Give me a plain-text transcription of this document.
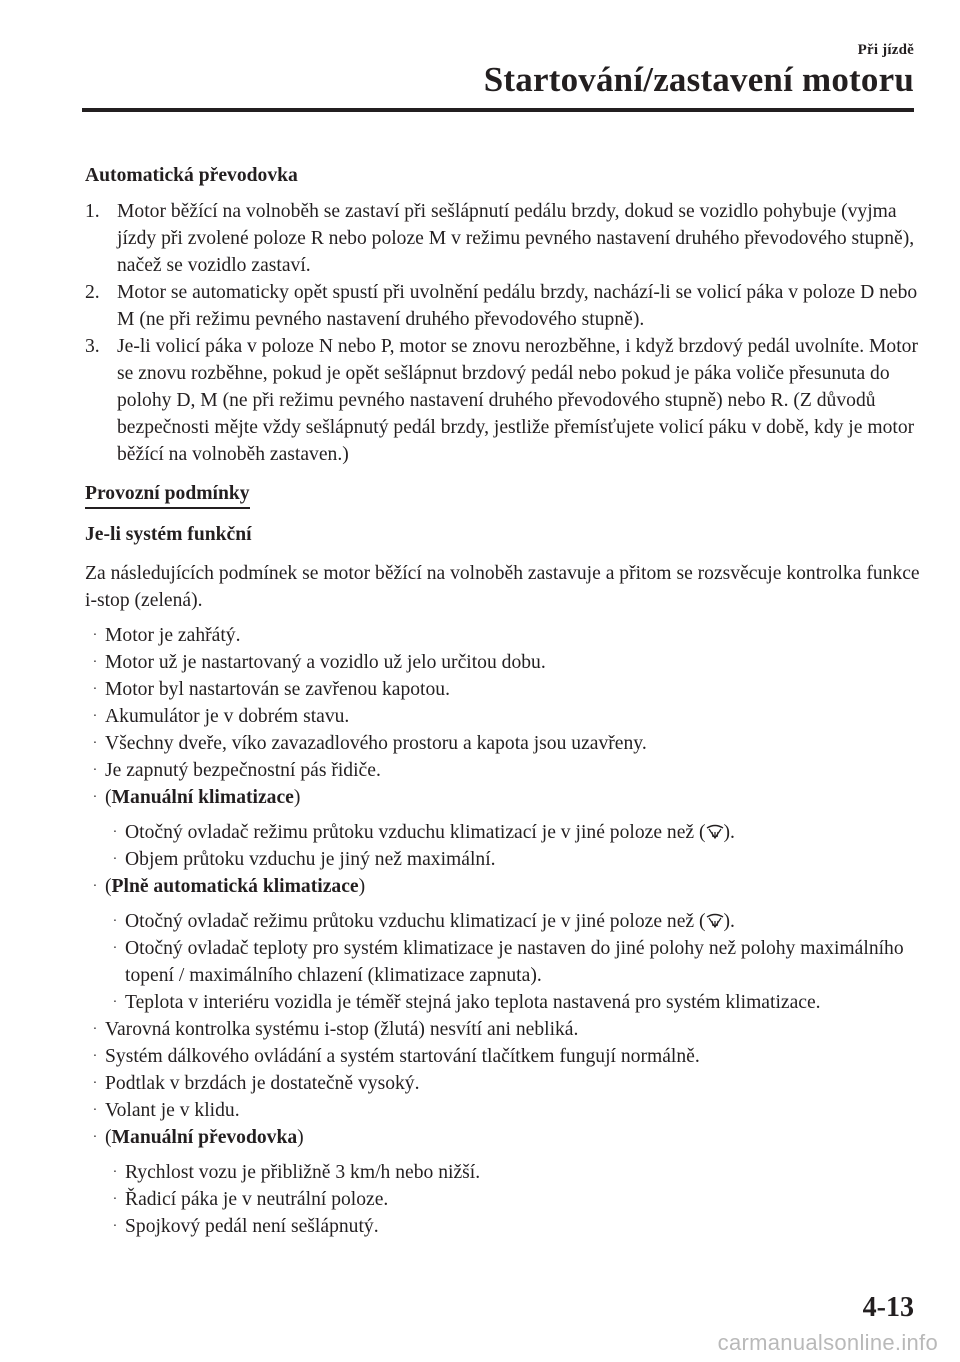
Při jízdě
Startování/zastavení motoru
Automatická převodovka
1. Motor běžící na volnoběh se zastaví při sešlápnutí pedálu brzdy, dokud se vozidlo pohybuje (vyjma jízdy při zvolené poloze R nebo poloze M v režimu pevného nastavení druhého převodového stupně), načež se vozidlo zastaví.
2. Motor se automaticky opět spustí při uvolnění pedálu brzdy, nachází-li se volicí páka v poloze D nebo M (ne při režimu pevného nastavení druhého převodového stupně).
3. Je-li volicí páka v poloze N nebo P, motor se znovu nerozběhne, i když brzdový pedál uvolníte. Motor se znovu rozběhne, pokud je opět sešlápnut brzdový pedál nebo pokud je páka voliče přesunuta do polohy D, M (ne při režimu pevného nastavení druhého převodového stupně) nebo R. (Z důvodů bezpečnosti mějte vždy sešlápnutý pedál brzdy, jestliže přemísťujete volicí páku v době, kdy je motor běžící na volnoběh zastaven.)
Provozní podmínky
Je-li systém funkční

Za následujících podmínek se motor běžící na volnoběh zastavuje a přitom se rozsvěcuje kontrolka funkce i-stop (zelená).

· Motor je zahřátý.
· Motor už je nastartovaný a vozidlo už jelo určitou dobu.
· Motor byl nastartován se zavřenou kapotou.
· Akumulátor je v dobrém stavu.
· Všechny dveře, víko zavazadlového prostoru a kapota jsou uzavřeny.
· Je zapnutý bezpečnostní pás řidiče.
· (Manuální klimatizace)
· Otočný ovladač režimu průtoku vzduchu klimatizací je v jiné poloze než ( ).
· Objem průtoku vzduchu je jiný než maximální.
· (Plně automatická klimatizace)
· Otočný ovladač režimu průtoku vzduchu klimatizací je v jiné poloze než ( ).
· Otočný ovladač teploty pro systém klimatizace je nastaven do jiné polohy než polohy maximálního topení / maximálního chlazení (klimatizace zapnuta).
· Teplota v interiéru vozidla je téměř stejná jako teplota nastavená pro systém klimatizace.
· Varovná kontrolka systému i-stop (žlutá) nesvítí ani nebliká.
· Systém dálkového ovládání a systém startování tlačítkem fungují normálně.
· Podtlak v brzdách je dostatečně vysoký.
· Volant je v klidu.
· (Manuální převodovka)
· Rychlost vozu je přibližně 3 km/h nebo nižší.
· Řadicí páka je v neutrální poloze.
· Spojkový pedál není sešlápnutý.
4-13
carmanualsonline.info
